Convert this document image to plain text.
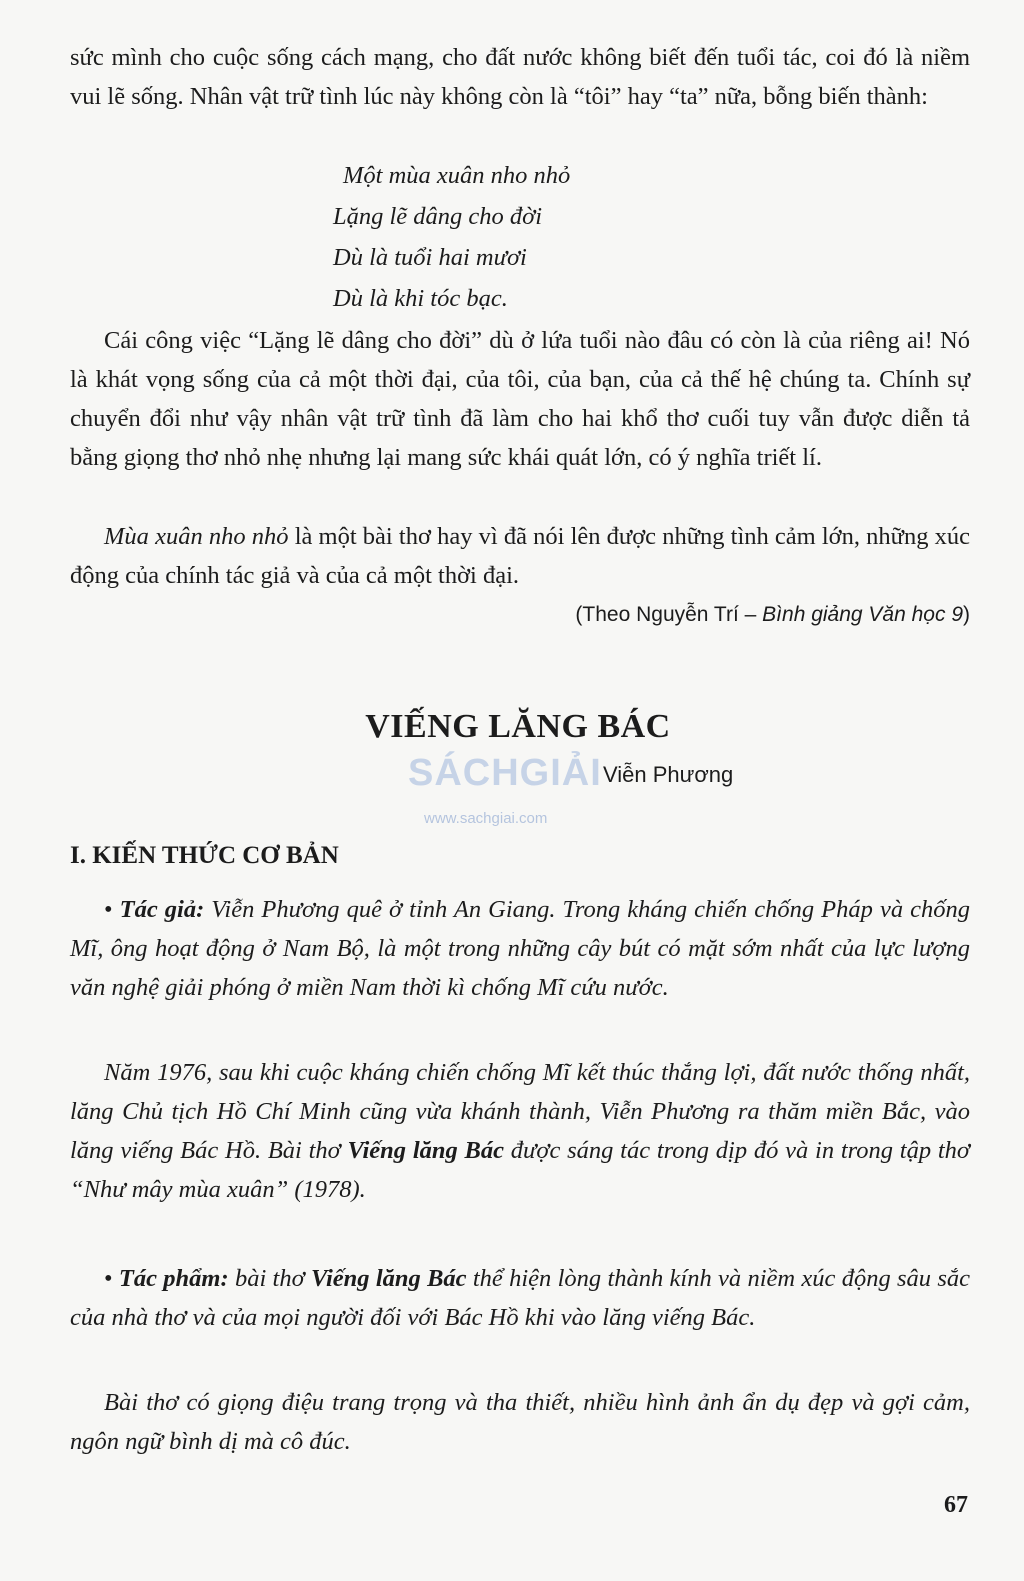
sức mình cho cuộc sống cách mạng, cho đất nước không biết đến tuổi tác, coi đó là niềm vui lẽ sống. Nhân vật trữ tình lúc này không còn là “tôi” hay “ta” nữa, bỗng biến thành:
Một mùa xuân nho nhỏ
Lặng lẽ dâng cho đời
Dù là tuổi hai mươi
Dù là khi tóc bạc.
Cái công việc “Lặng lẽ dâng cho đời” dù ở lứa tuổi nào đâu có còn là của riêng ai! Nó là khát vọng sống của cả một thời đại, của tôi, của bạn, của cả thế hệ chúng ta. Chính sự chuyển đổi như vậy nhân vật trữ tình đã làm cho hai khổ thơ cuối tuy vẫn được diễn tả bằng giọng thơ nhỏ nhẹ nhưng lại mang sức khái quát lớn, có ý nghĩa triết lí.
Mùa xuân nho nhỏ là một bài thơ hay vì đã nói lên được những tình cảm lớn, những xúc động của chính tác giả và của cả một thời đại.
(Theo Nguyễn Trí – Bình giảng Văn học 9)
VIẾNG LĂNG BÁC
SÁCHGIẢI
www.sachgiai.com
Viễn Phương
I. KIẾN THỨC CƠ BẢN
• Tác giả: Viễn Phương quê ở tỉnh An Giang. Trong kháng chiến chống Pháp và chống Mĩ, ông hoạt động ở Nam Bộ, là một trong những cây bút có mặt sớm nhất của lực lượng văn nghệ giải phóng ở miền Nam thời kì chống Mĩ cứu nước.
Năm 1976, sau khi cuộc kháng chiến chống Mĩ kết thúc thắng lợi, đất nước thống nhất, lăng Chủ tịch Hồ Chí Minh cũng vừa khánh thành, Viễn Phương ra thăm miền Bắc, vào lăng viếng Bác Hồ. Bài thơ Viếng lăng Bác được sáng tác trong dịp đó và in trong tập thơ “Như mây mùa xuân” (1978).
• Tác phẩm: bài thơ Viếng lăng Bác thể hiện lòng thành kính và niềm xúc động sâu sắc của nhà thơ và của mọi người đối với Bác Hồ khi vào lăng viếng Bác.
Bài thơ có giọng điệu trang trọng và tha thiết, nhiều hình ảnh ẩn dụ đẹp và gợi cảm, ngôn ngữ bình dị mà cô đúc.
67
